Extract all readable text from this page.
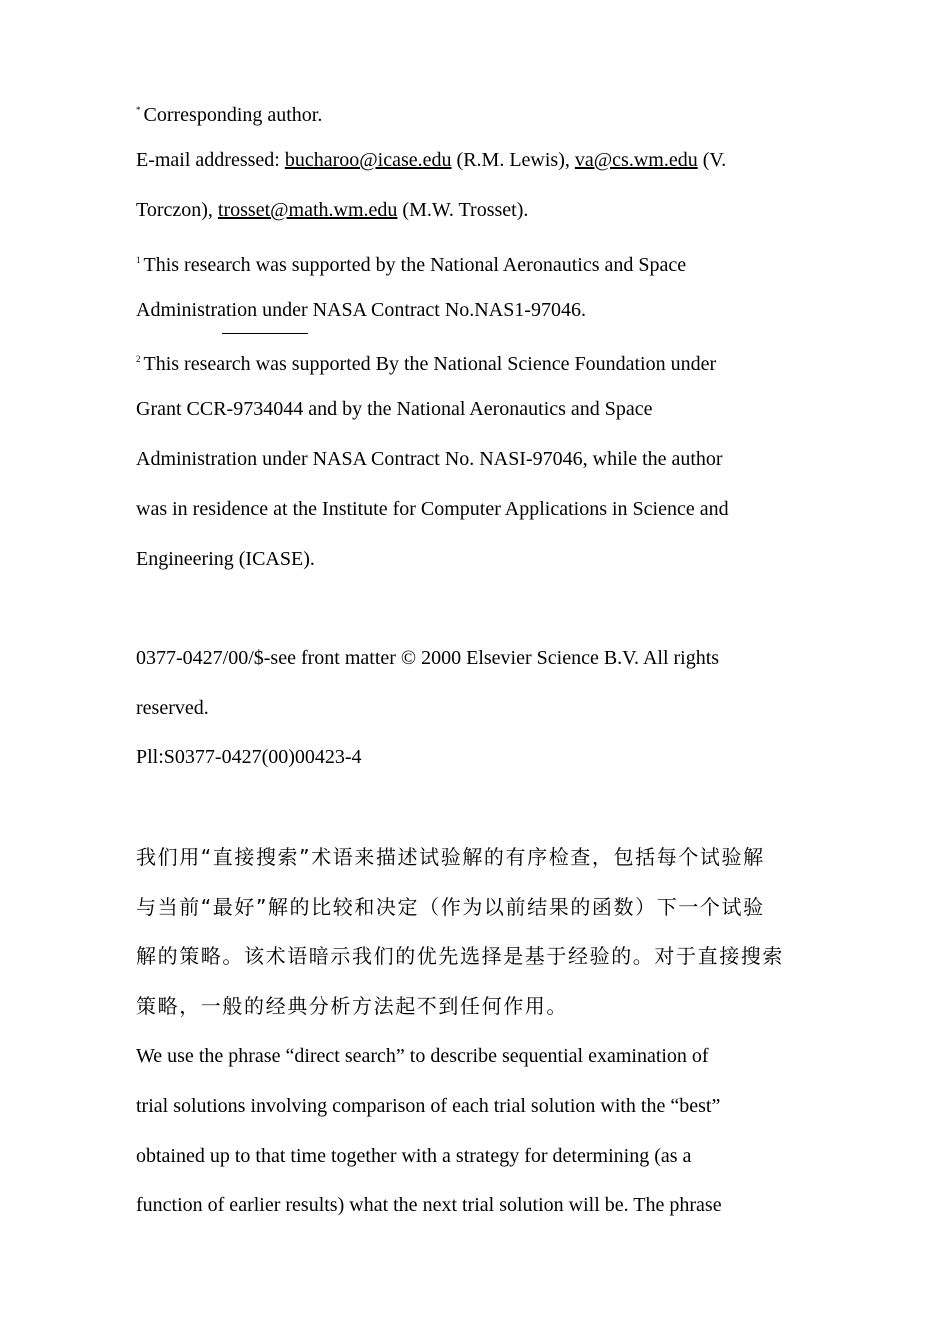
* Corresponding author.
E-mail addressed: bucharoo@icase.edu (R.M. Lewis), va@cs.wm.edu (V.
Torczon), trosset@math.wm.edu (M.W. Trosset).
$^1$ This research was supported by the National Aeronautics and Space
Administration under NASA Contract No.NAS1-97046.
$^2$ This research was supported By the National Science Foundation under
Grant CCR-9734044 and by the National Aeronautics and Space
Administration under NASA Contract No. NASI-97046, while the author
was in residence at the Institute for Computer Applications in Science and
Engineering (ICASE).
0377-0427/00/$-see front matter © 2000 Elsevier Science B.V. All rights
reserved.
Pll:S0377-0427(00)00423-4
我们用“直接搜索”术语来描述试验解的有序检查，包括每个试验解
与当前“最好”解的比较和决定（作为以前结果的函数）下一个试验
解的策略。该术语暗示我们的优先选择是基于经验的。对于直接搜索
策略，一般的经典分析方法起不到任何作用。
We use the phrase “direct search” to describe sequential examination of
trial solutions involving comparison of each trial solution with the “best”
obtained up to that time together with a strategy for determining (as a
function of earlier results) what the next trial solution will be. The phrase
